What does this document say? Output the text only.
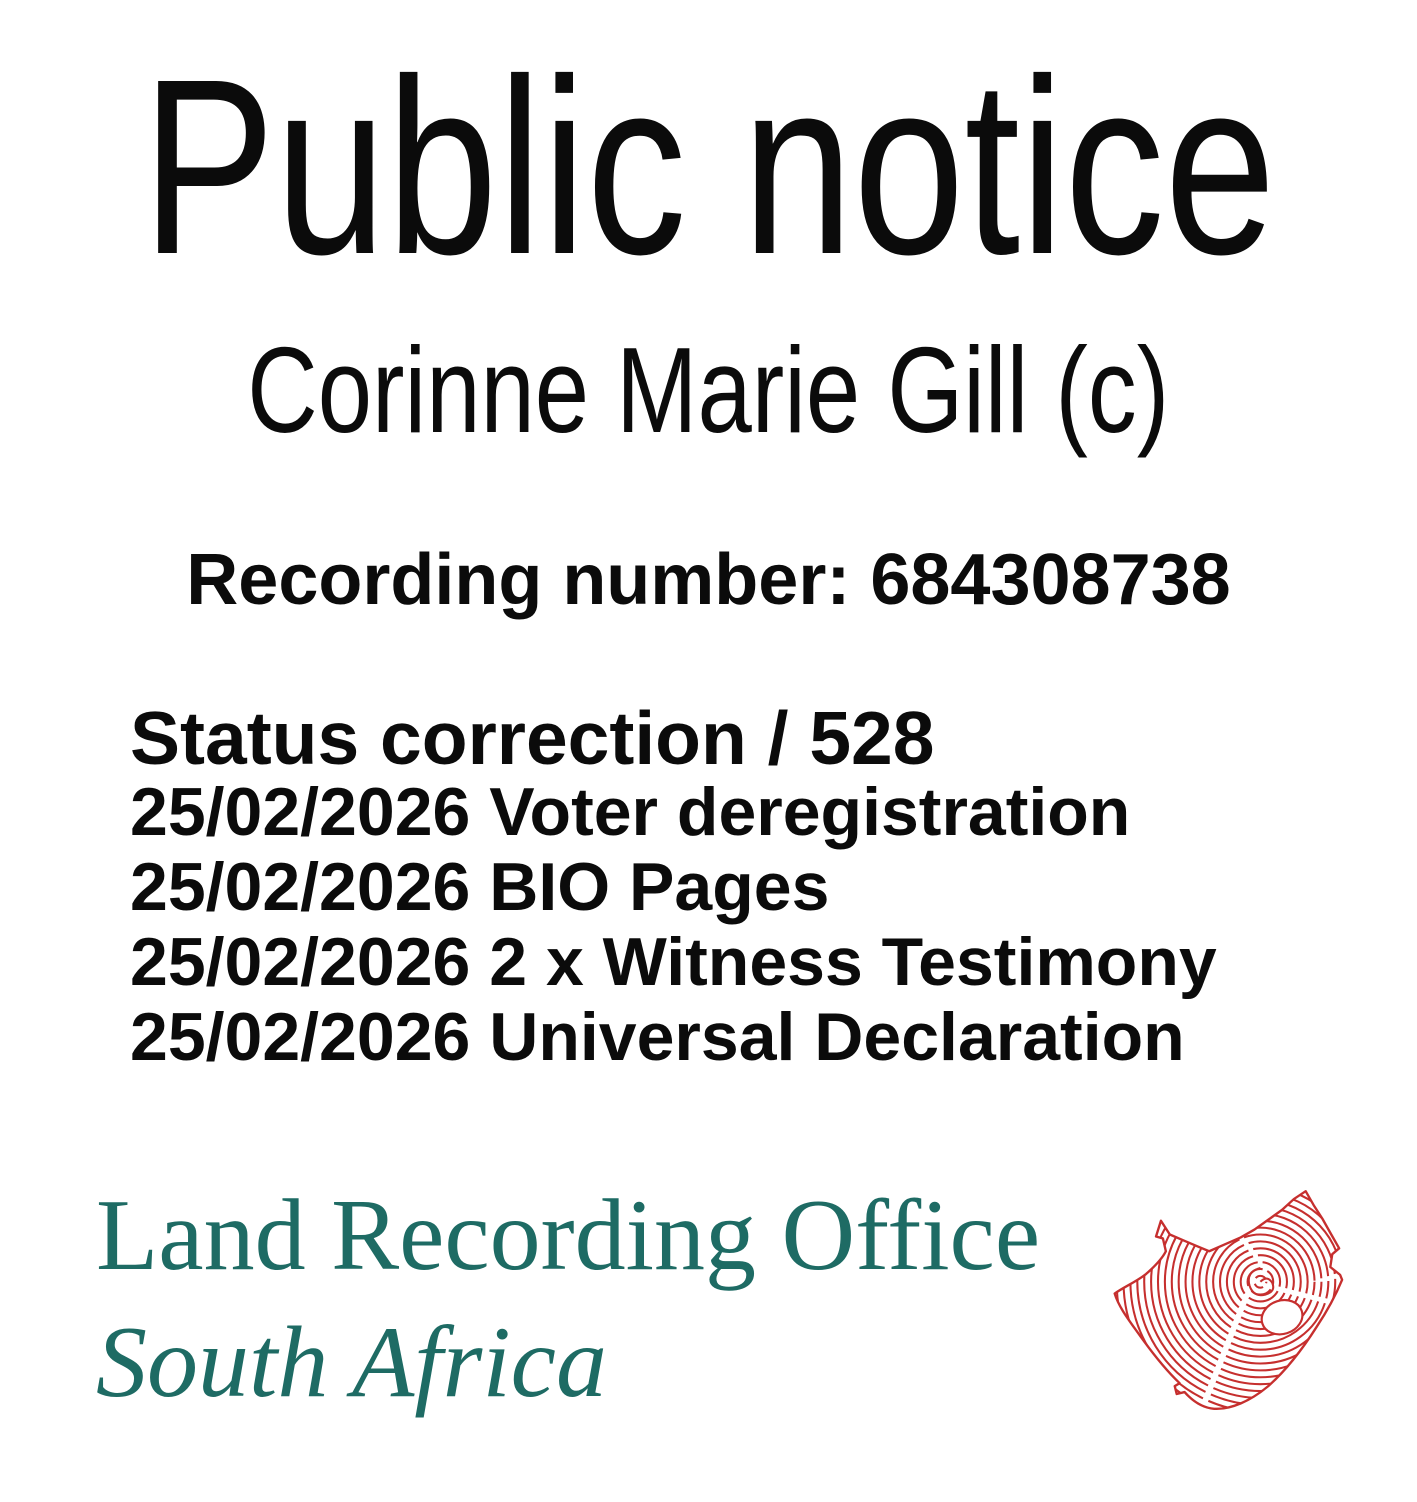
Public notice
Corinne Marie Gill (c)
Recording number: 684308738
Status correction / 528
25/02/2026 Voter deregistration
25/02/2026 BIO Pages
25/02/2026 2 x Witness Testimony
25/02/2026 Universal Declaration
Land Recording Office
South Africa
